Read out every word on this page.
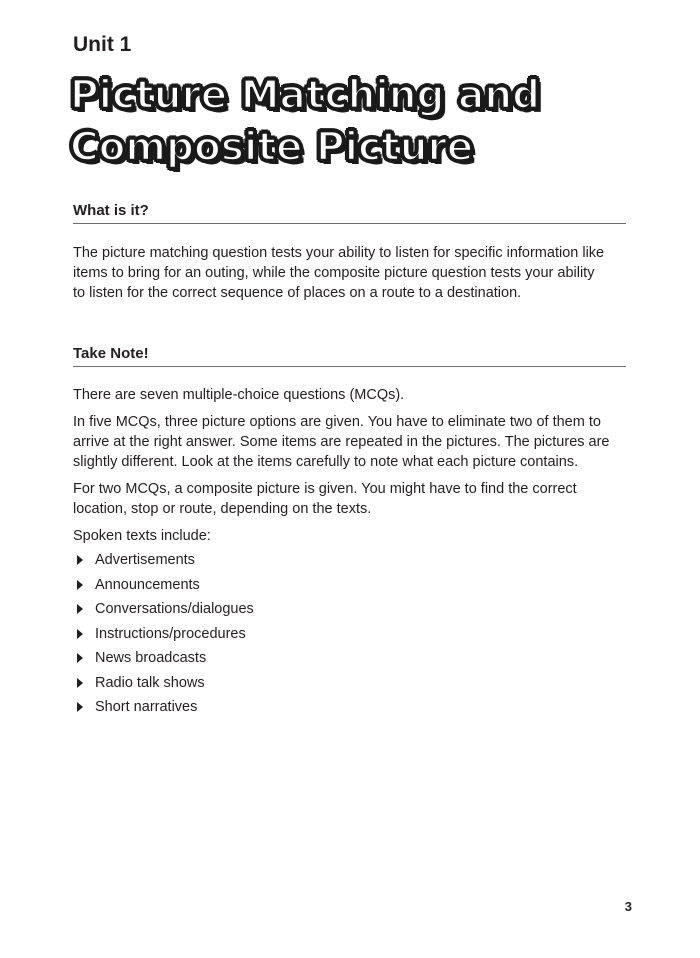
Unit 1

Picture Matching and
Composite Picture
What is it?

The picture matching question tests your ability to listen for specific information like
items to bring for an outing, while the composite picture question tests your ability
to listen for the correct sequence of places on a route to a destination.

Take Note!

There are seven multiple-choice questions (MCQs).

In five MCQs, three picture options are given. You have to eliminate two of them to
arrive at the right answer. Some items are repeated in the pictures. The pictures are
slightly different. Look at the items carefully to note what each picture contains.

For two MCQs, a composite picture is given. You might have to find the correct
location, stop or route, depending on the texts.

Spoken texts include:

Advertisements
Announcements
Conversations/dialogues
Instructions/procedures
News broadcasts
Radio talk shows
Short narratives

3
